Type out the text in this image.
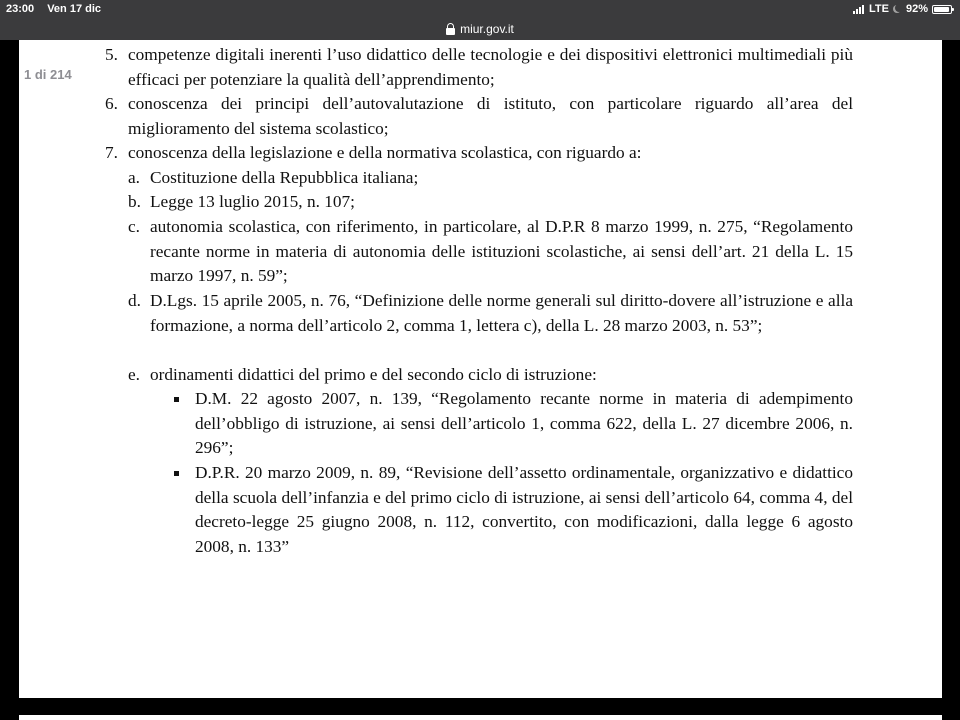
23:00 Ven 17 dic	LTE 92%
miur.gov.it
1 di 214
5. competenze digitali inerenti l’uso didattico delle tecnologie e dei dispositivi elettronici multimediali più efficaci per potenziare la qualità dell’apprendimento;
6. conoscenza dei principi dell’autovalutazione di istituto, con particolare riguardo all’area del miglioramento del sistema scolastico;
7. conoscenza della legislazione e della normativa scolastica, con riguardo a:
a. Costituzione della Repubblica italiana;
b. Legge 13 luglio 2015, n. 107;
c. autonomia scolastica, con riferimento, in particolare, al D.P.R 8 marzo 1999, n. 275, “Regolamento recante norme in materia di autonomia delle istituzioni scolastiche, ai sensi dell’art. 21 della L. 15 marzo 1997, n. 59”;
d. D.Lgs. 15 aprile 2005, n. 76, “Definizione delle norme generali sul diritto-dovere all’istruzione e alla formazione, a norma dell’articolo 2, comma 1, lettera c), della L. 28 marzo 2003, n. 53”;
e. ordinamenti didattici del primo e del secondo ciclo di istruzione:
D.M. 22 agosto 2007, n. 139, “Regolamento recante norme in materia di adempimento dell’obbligo di istruzione, ai sensi dell’articolo 1, comma 622, della L. 27 dicembre 2006, n. 296”;
D.P.R. 20 marzo 2009, n. 89, “Revisione dell’assetto ordinamentale, organizzativo e didattico della scuola dell’infanzia e del primo ciclo di istruzione, ai sensi dell’articolo 64, comma 4, del decreto-legge 25 giugno 2008, n. 112, convertito, con modificazioni, dalla legge 6 agosto 2008, n. 133”
